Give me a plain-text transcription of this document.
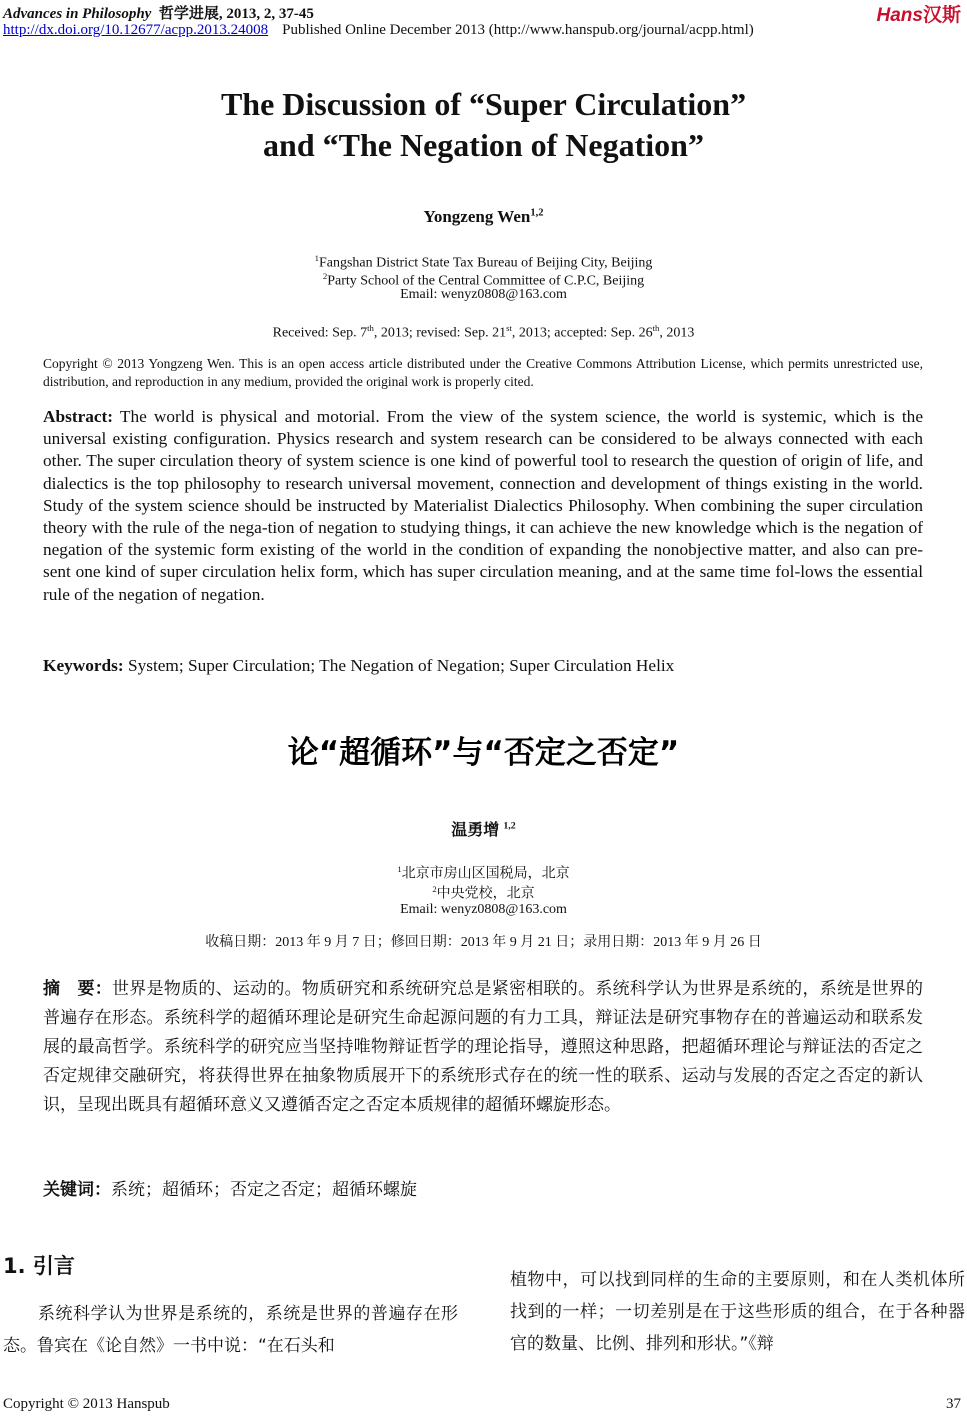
Advances in Philosophy 哲学进展, 2013, 2, 37-45	Hans汉斯
http://dx.doi.org/10.12677/acpp.2013.24008 Published Online December 2013 (http://www.hanspub.org/journal/acpp.html)
The Discussion of “Super Circulation”
and “The Negation of Negation”
Yongzeng Wen$^{1,2}$
$^1$Fangshan District State Tax Bureau of Beijing City, Beijing
$^2$Party School of the Central Committee of C.P.C, Beijing
Email: wenyz0808@163.com
Received: Sep. 7th, 2013; revised: Sep. 21st, 2013; accepted: Sep. 26th, 2013
Copyright © 2013 Yongzeng Wen. This is an open access article distributed under the Creative Commons Attribution License, which permits unrestricted use, distribution, and reproduction in any medium, provided the original work is properly cited.
Abstract: The world is physical and motorial. From the view of the system science, the world is systemic, which is the universal existing configuration. Physics research and system research can be considered to be always connected with each other. The super circulation theory of system science is one kind of powerful tool to research the question of origin of life, and dialectics is the top philosophy to research universal movement, connection and development of things existing in the world. Study of the system science should be instructed by Materialist Dialectics Philosophy. When combining the super circulation theory with the rule of the nega-tion of negation to studying things, it can achieve the new knowledge which is the negation of negation of the systemic form existing of the world in the condition of expanding the nonobjective matter, and also can pre-sent one kind of super circulation helix form, which has super circulation meaning, and at the same time fol-lows the essential rule of the negation of negation.
Keywords: System; Super Circulation; The Negation of Negation; Super Circulation Helix
论“超循环”与“否定之否定”
温勇增 $^{1,2}$
$^1$北京市房山区国税局，北京
$^2$中央党校，北京
Email: wenyz0808@163.com
收稿日期：2013 年 9 月 7 日；修回日期：2013 年 9 月 21 日；录用日期：2013 年 9 月 26 日
摘　要：世界是物质的、运动的。物质研究和系统研究总是紧密相联的。系统科学认为世界是系统的，系统是世界的普遍存在形态。系统科学的超循环理论是研究生命起源问题的有力工具，辩证法是研究事物存在的普遍运动和联系发展的最高哲学。系统科学的研究应当坚持唯物辩证哲学的理论指导，遵照这种思路，把超循环理论与辩证法的否定之否定规律交融研究，将获得世界在抽象物质展开下的系统形式存在的统一性的联系、运动与发展的否定之否定的新认识，呈现出既具有超循环意义又遵循否定之否定本质规律的超循环螺旋形态。
关键词：系统；超循环；否定之否定；超循环螺旋
1. 引言
　　系统科学认为世界是系统的，系统是世界的普遍存在形态。鲁宾在《论自然》一书中说：“在石头和
植物中，可以找到同样的生命的主要原则，和在人类机体所找到的一样；一切差别是在于这些形质的组合，在于各种器官的数量、比例、排列和形状。”《辩
Copyright © 2013 Hanspub	37
